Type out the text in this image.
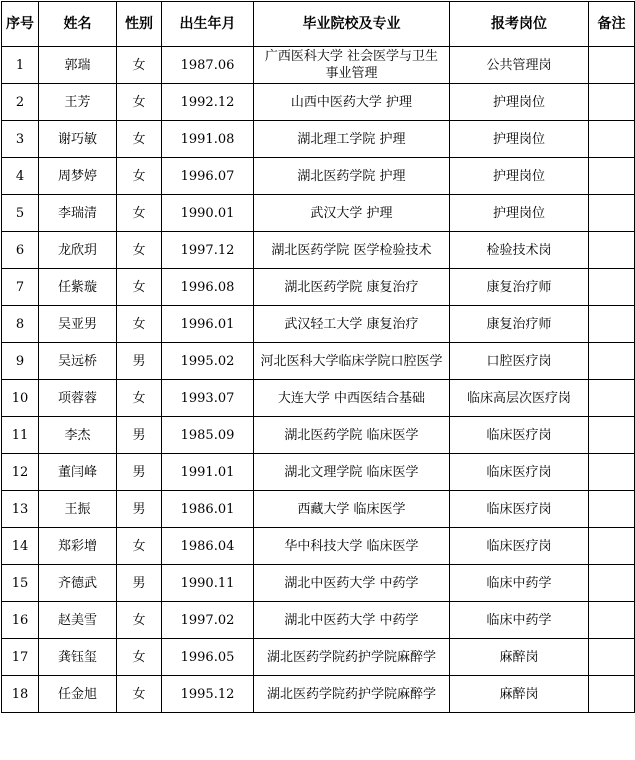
序号	姓名	性别	出生年月	毕业院校及专业	报考岗位	备注
1	郭瑞	女	1987.06	广西医科大学 社会医学与卫生事业管理	公共管理岗	
2	王芳	女	1992.12	山西中医药大学 护理	护理岗位	
3	谢巧敏	女	1991.08	湖北理工学院 护理	护理岗位	
4	周梦婷	女	1996.07	湖北医药学院 护理	护理岗位	
5	李瑞清	女	1990.01	武汉大学 护理	护理岗位	
6	龙欣玥	女	1997.12	湖北医药学院 医学检验技术	检验技术岗	
7	任紫璇	女	1996.08	湖北医药学院 康复治疗	康复治疗师	
8	吴亚男	女	1996.01	武汉轻工大学 康复治疗	康复治疗师	
9	吴远桥	男	1995.02	河北医科大学临床学院口腔医学	口腔医疗岗	
10	项蓉蓉	女	1993.07	大连大学 中西医结合基础	临床高层次医疗岗	
11	李杰	男	1985.09	湖北医药学院 临床医学	临床医疗岗	
12	董闫峰	男	1991.01	湖北文理学院 临床医学	临床医疗岗	
13	王振	男	1986.01	西藏大学 临床医学	临床医疗岗	
14	郑彩增	女	1986.04	华中科技大学 临床医学	临床医疗岗	
15	齐德武	男	1990.11	湖北中医药大学 中药学	临床中药学	
16	赵美雪	女	1997.02	湖北中医药大学 中药学	临床中药学	
17	龚钰玺	女	1996.05	湖北医药学院药护学院麻醉学	麻醉岗	
18	任金旭	女	1995.12	湖北医药学院药护学院麻醉学	麻醉岗	
